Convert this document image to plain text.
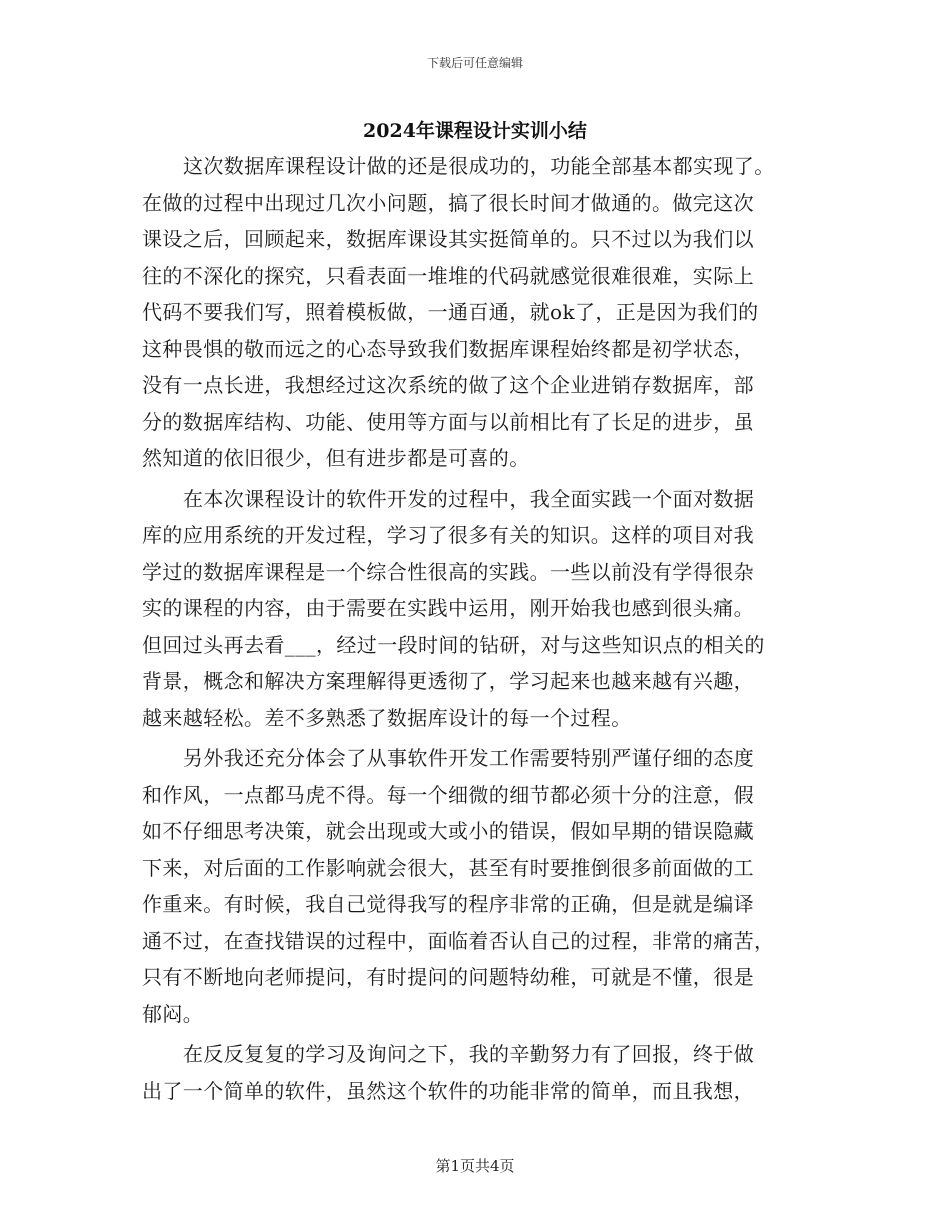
下载后可任意编辑
2024年课程设计实训小结
这次数据库课程设计做的还是很成功的，功能全部基本都实现了。
在做的过程中出现过几次小问题，搞了很长时间才做通的。做完这次
课设之后，回顾起来，数据库课设其实挺简单的。只不过以为我们以
往的不深化的探究，只看表面一堆堆的代码就感觉很难很难，实际上
代码不要我们写，照着模板做，一通百通，就ok了，正是因为我们的
这种畏惧的敬而远之的心态导致我们数据库课程始终都是初学状态，
没有一点长进，我想经过这次系统的做了这个企业进销存数据库，部
分的数据库结构、功能、使用等方面与以前相比有了长足的进步，虽
然知道的依旧很少，但有进步都是可喜的。
在本次课程设计的软件开发的过程中，我全面实践一个面对数据
库的应用系统的开发过程，学习了很多有关的知识。这样的项目对我
学过的数据库课程是一个综合性很高的实践。一些以前没有学得很杂
实的课程的内容，由于需要在实践中运用，刚开始我也感到很头痛。
但回过头再去看___，经过一段时间的钻研，对与这些知识点的相关的
背景，概念和解决方案理解得更透彻了，学习起来也越来越有兴趣，
越来越轻松。差不多熟悉了数据库设计的每一个过程。
另外我还充分体会了从事软件开发工作需要特别严谨仔细的态度
和作风，一点都马虎不得。每一个细微的细节都必须十分的注意，假
如不仔细思考决策，就会出现或大或小的错误，假如早期的错误隐藏
下来，对后面的工作影响就会很大，甚至有时要推倒很多前面做的工
作重来。有时候，我自己觉得我写的程序非常的正确，但是就是编译
通不过，在查找错误的过程中，面临着否认自己的过程，非常的痛苦，
只有不断地向老师提问，有时提问的问题特幼稚，可就是不懂，很是
郁闷。
在反反复复的学习及询问之下，我的辛勤努力有了回报，终于做
出了一个简单的软件，虽然这个软件的功能非常的简单，而且我想，
第1页共4页
